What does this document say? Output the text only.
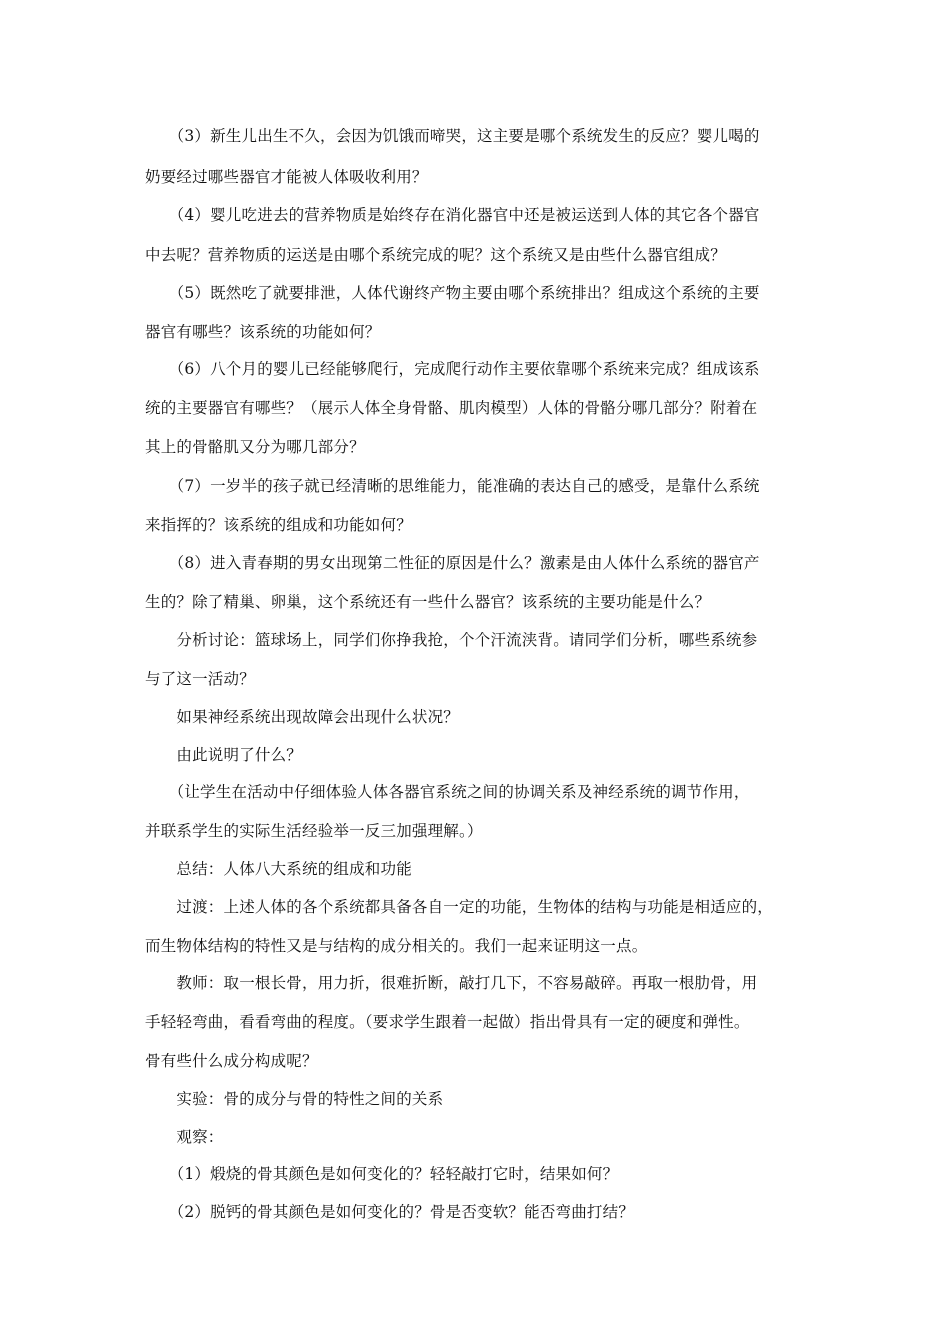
　　（3）新生儿出生不久，会因为饥饿而啼哭，这主要是哪个系统发生的反应？婴儿喝的
奶要经过哪些器官才能被人体吸收利用？
　　（4）婴儿吃进去的营养物质是始终存在消化器官中还是被运送到人体的其它各个器官
中去呢？营养物质的运送是由哪个系统完成的呢？这个系统又是由些什么器官组成？
　　（5）既然吃了就要排泄，人体代谢终产物主要由哪个系统排出？组成这个系统的主要
器官有哪些？该系统的功能如何？
　　（6）八个月的婴儿已经能够爬行，完成爬行动作主要依靠哪个系统来完成？组成该系
统的主要器官有哪些？（展示人体全身骨骼、肌肉模型）人体的骨骼分哪几部分？附着在
其上的骨骼肌又分为哪几部分？
　　（7）一岁半的孩子就已经清晰的思维能力，能准确的表达自己的感受，是靠什么系统
来指挥的？该系统的组成和功能如何？
　　（8）进入青春期的男女出现第二性征的原因是什么？激素是由人体什么系统的器官产
生的？除了精巢、卵巢，这个系统还有一些什么器官？该系统的主要功能是什么？
　　分析讨论：篮球场上，同学们你挣我抢，个个汗流浃背。请同学们分析，哪些系统参
与了这一活动？
　　如果神经系统出现故障会出现什么状况？
　　由此说明了什么？
　　（让学生在活动中仔细体验人体各器官系统之间的协调关系及神经系统的调节作用，
并联系学生的实际生活经验举一反三加强理解。）
　　总结：人体八大系统的组成和功能
　　过渡：上述人体的各个系统都具备各自一定的功能，生物体的结构与功能是相适应的，
而生物体结构的特性又是与结构的成分相关的。我们一起来证明这一点。
　　教师：取一根长骨，用力折，很难折断，敲打几下，不容易敲碎。再取一根肋骨，用
手轻轻弯曲，看看弯曲的程度。（要求学生跟着一起做）指出骨具有一定的硬度和弹性。
骨有些什么成分构成呢？
　　实验：骨的成分与骨的特性之间的关系
　　观察：
　　（1）煅烧的骨其颜色是如何变化的？轻轻敲打它时，结果如何？
　　（2）脱钙的骨其颜色是如何变化的？骨是否变软？能否弯曲打结？
